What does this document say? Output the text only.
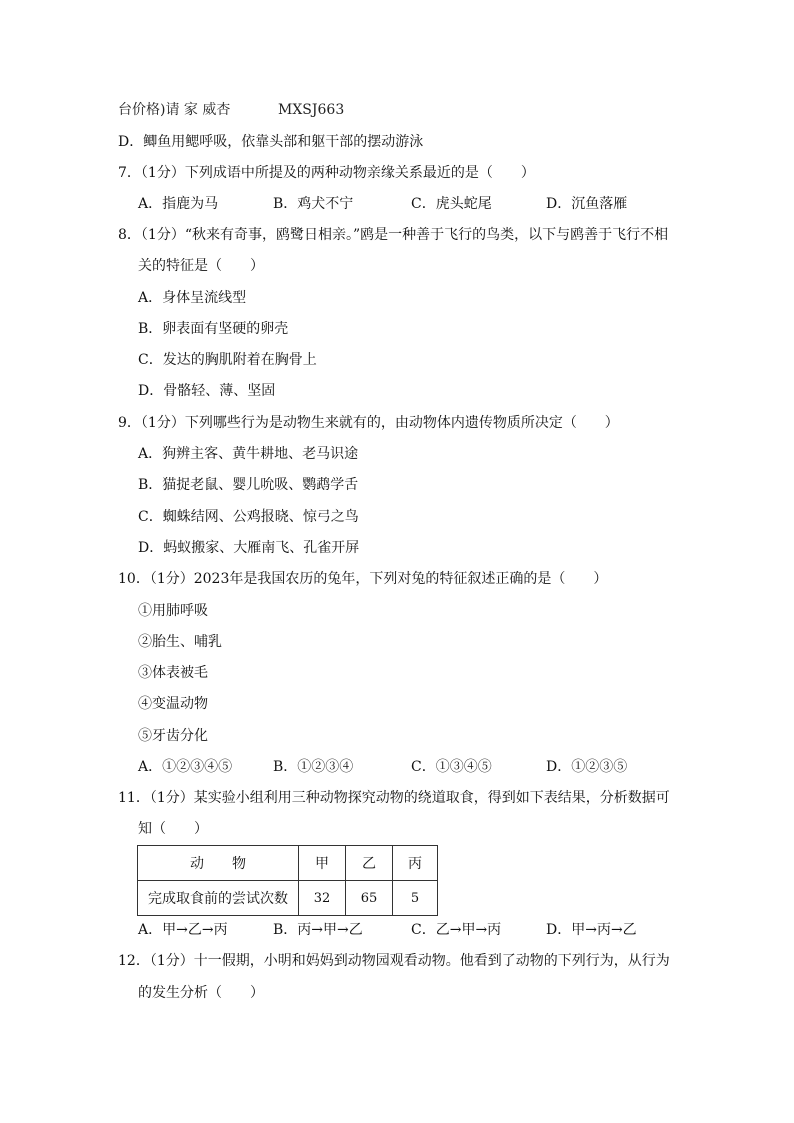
台价格)请 家 威杏	MXSJ663
D．鲫鱼用鳃呼吸，依靠头部和躯干部的摆动游泳
7．（1分）下列成语中所提及的两种动物亲缘关系最近的是（　　）
A．指鹿为马	B．鸡犬不宁	C．虎头蛇尾	D．沉鱼落雁
8．（1分）“秋来有奇事，鸥鹭日相亲。”鸥是一种善于飞行的鸟类，以下与鸥善于飞行不相
关的特征是（　　）
A．身体呈流线型
B．卵表面有坚硬的卵壳
C．发达的胸肌附着在胸骨上
D．骨骼轻、薄、坚固
9．（1分）下列哪些行为是动物生来就有的，由动物体内遗传物质所决定（　　）
A．狗辨主客、黄牛耕地、老马识途
B．猫捉老鼠、婴儿吮吸、鹦鹉学舌
C．蜘蛛结网、公鸡报晓、惊弓之鸟
D．蚂蚁搬家、大雁南飞、孔雀开屏
10．（1分）2023年是我国农历的兔年，下列对兔的特征叙述正确的是（　　）
①用肺呼吸
②胎生、哺乳
③体表被毛
④变温动物
⑤牙齿分化
A．①②③④⑤	B．①②③④	C．①③④⑤	D．①②③⑤
11．（1分）某实验小组利用三种动物探究动物的绕道取食，得到如下表结果，分析数据可
知（　　）
动　　物	甲	乙	丙
完成取食前的尝试次数	32	65	5
A．甲→乙→丙	B．丙→甲→乙	C．乙→甲→丙	D．甲→丙→乙
12．（1分）十一假期，小明和妈妈到动物园观看动物。他看到了动物的下列行为，从行为
的发生分析（　　）
